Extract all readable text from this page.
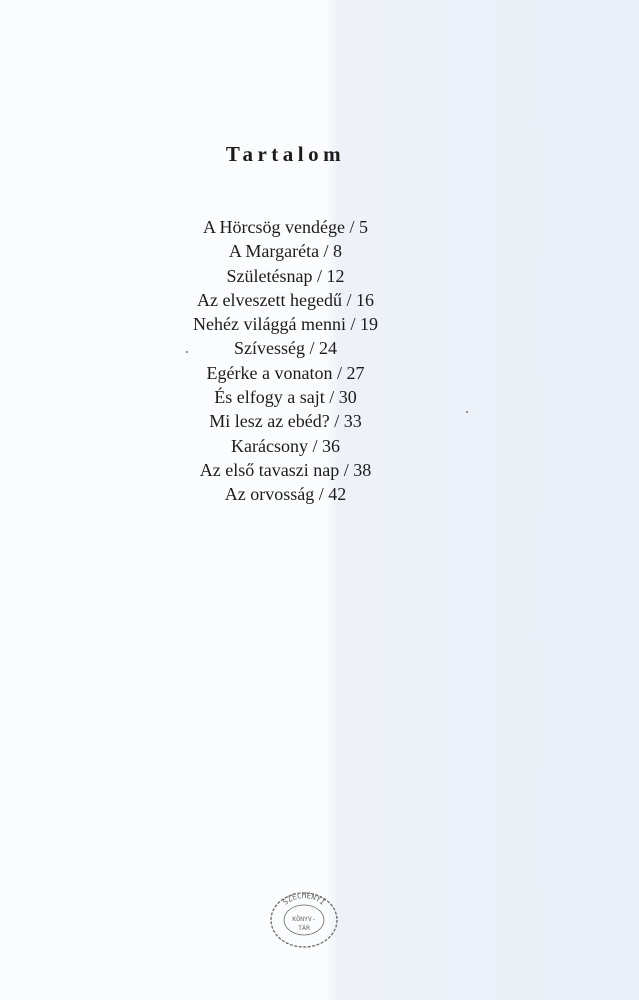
Tartalom
A Hörcsög vendége / 5
A Margaréta / 8
Születésnap / 12
Az elveszett hegedű / 16
Nehéz világgá menni / 19
Szívesség / 24
Egérke a vonaton / 27
És elfogy a sajt / 30
Mi lesz az ebéd? / 33
Karácsony / 36
Az első tavaszi nap / 38
Az orvosság / 42
SZÉCHÉNYI
KÖNYV-
TÁR
